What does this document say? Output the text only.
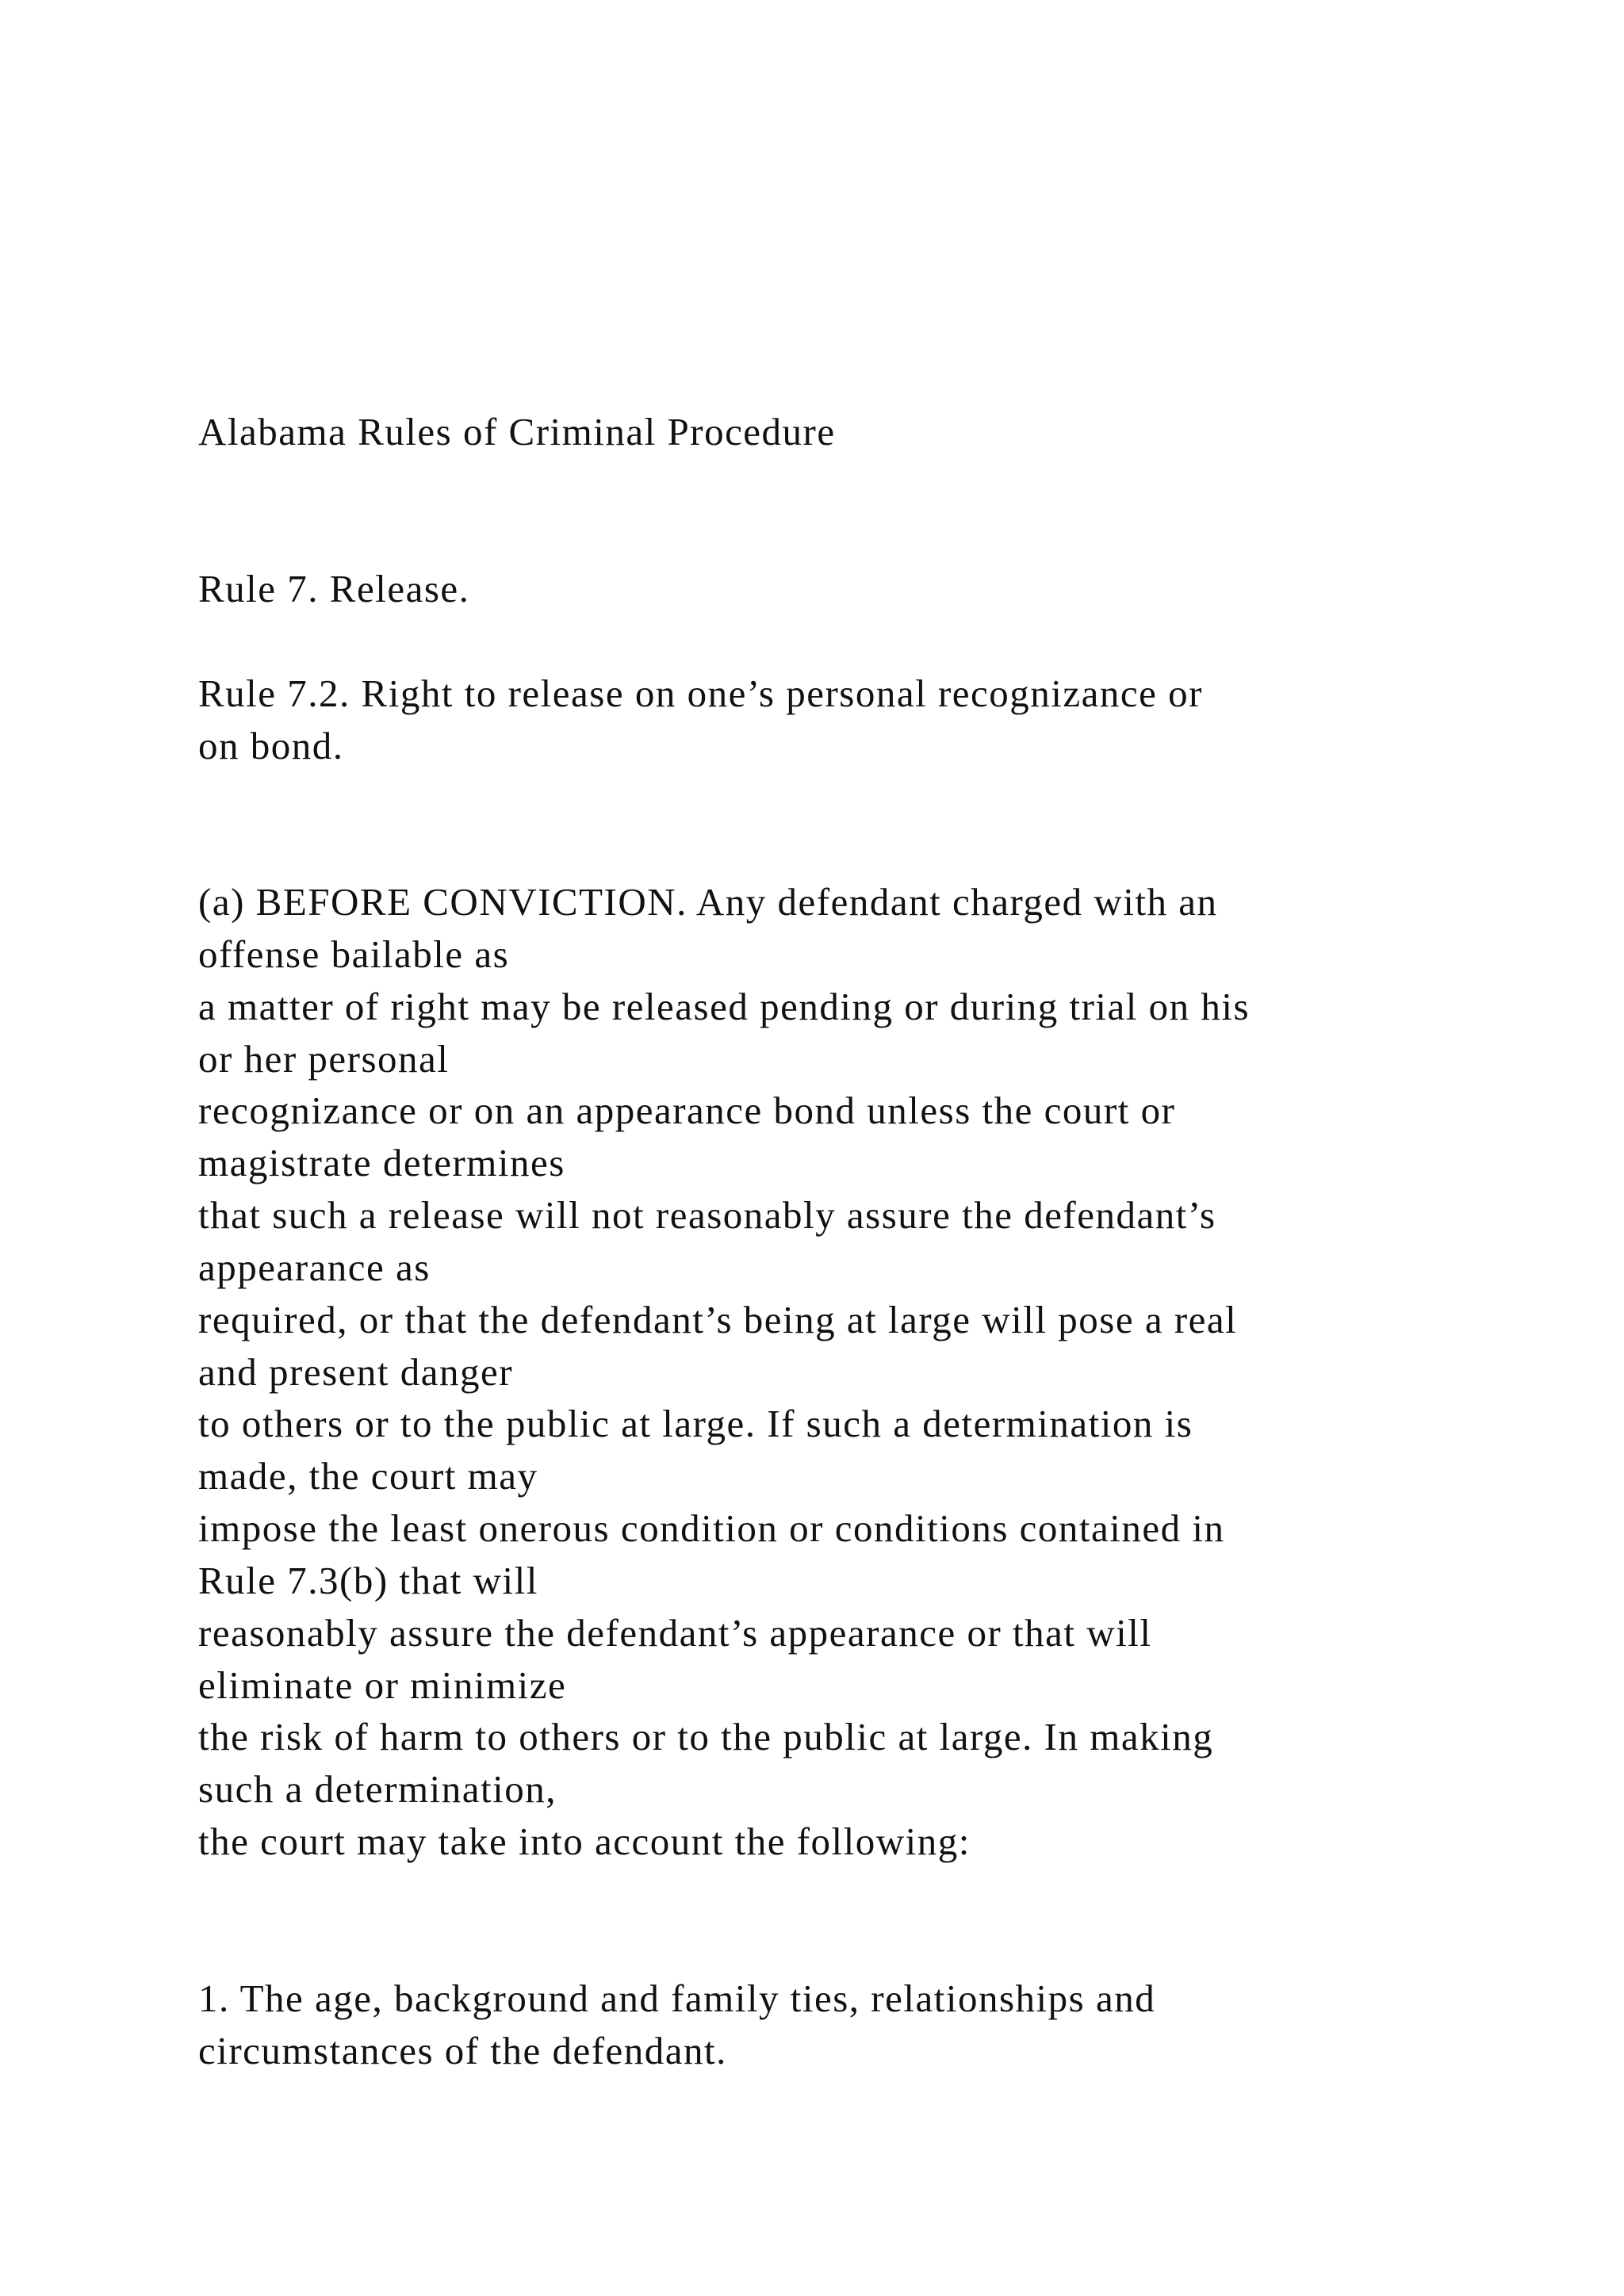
Alabama Rules of Criminal Procedure

Rule 7. Release.

Rule 7.2. Right to release on one’s personal recognizance or

on bond.

(a) BEFORE CONVICTION. Any defendant charged with an

offense bailable as

a matter of right may be released pending or during trial on his

or her personal

recognizance or on an appearance bond unless the court or

magistrate determines

that such a release will not reasonably assure the defendant’s

appearance as

required, or that the defendant’s being at large will pose a real

and present danger

to others or to the public at large. If such a determination is

made, the court may

impose the least onerous condition or conditions contained in

Rule 7.3(b) that will

reasonably assure the defendant’s appearance or that will

eliminate or minimize

the risk of harm to others or to the public at large. In making

such a determination,

the court may take into account the following:

1. The age, background and family ties, relationships and

circumstances of the defendant.
